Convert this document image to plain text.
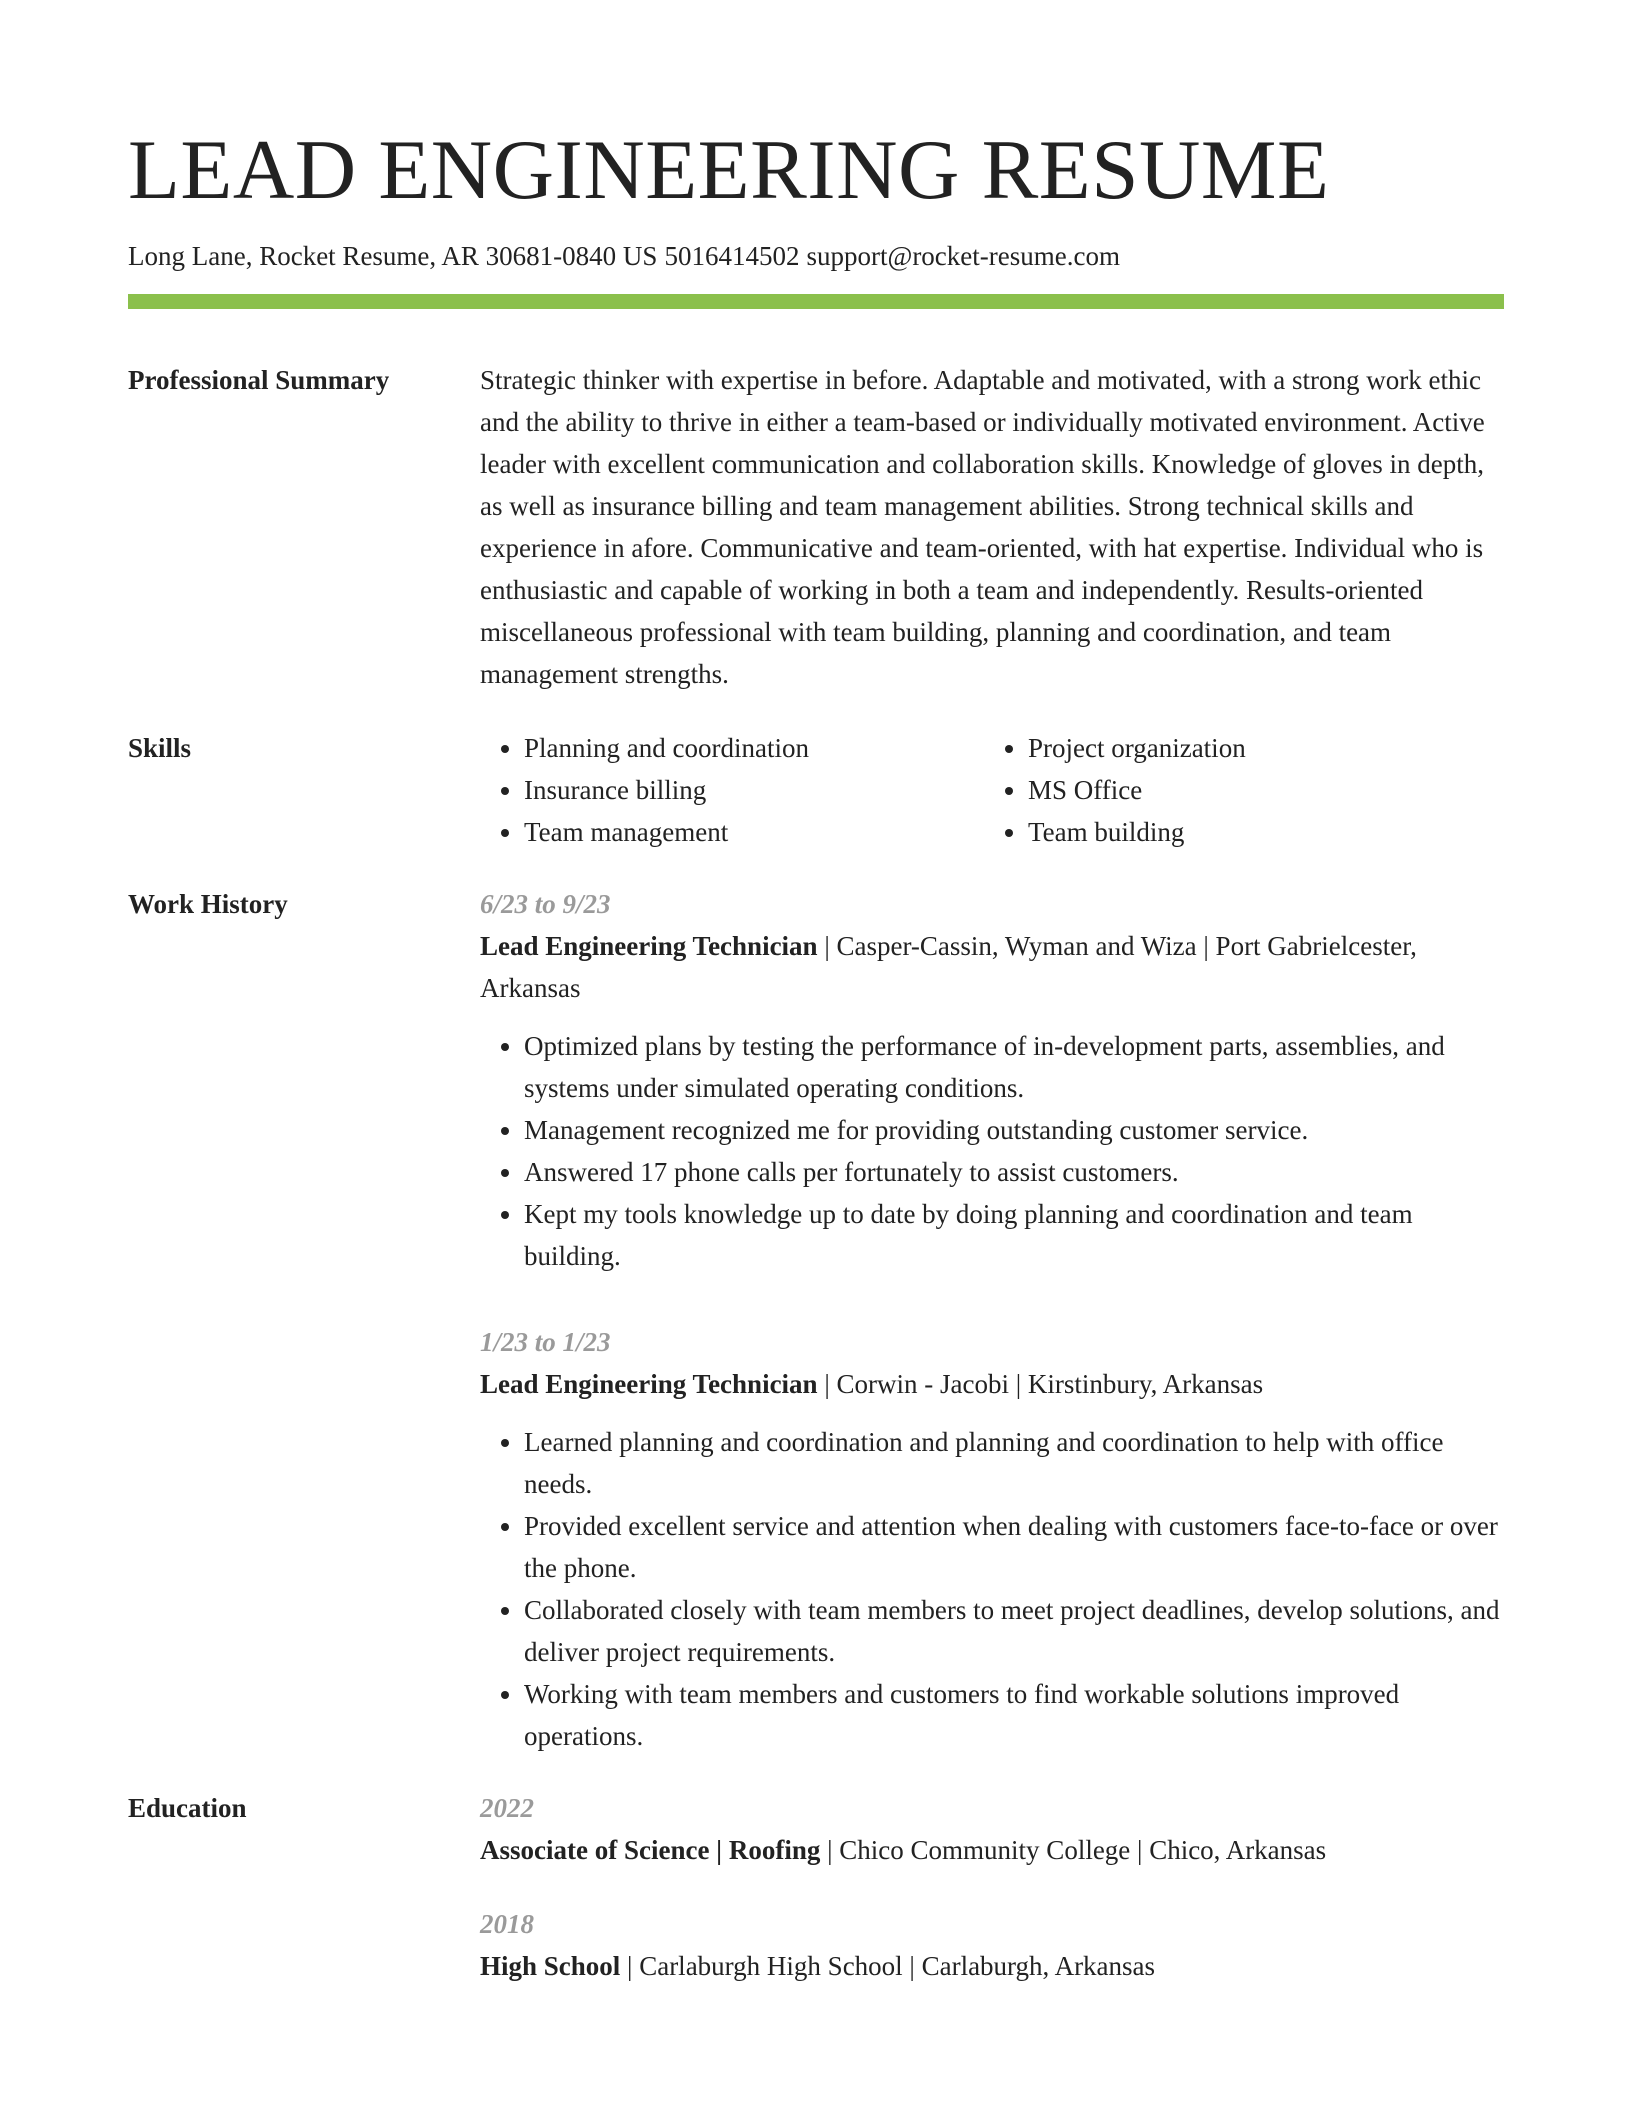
LEAD ENGINEERING RESUME
Long Lane, Rocket Resume, AR 30681-0840 US 5016414502 support@rocket-resume.com
Professional Summary	Strategic thinker with expertise in before. Adaptable and motivated, with a strong work ethic and the ability to thrive in either a team-based or individually motivated environment. Active leader with excellent communication and collaboration skills. Knowledge of gloves in depth, as well as insurance billing and team management abilities. Strong technical skills and experience in afore. Communicative and team-oriented, with hat expertise. Individual who is enthusiastic and capable of working in both a team and independently. Results-oriented miscellaneous professional with team building, planning and coordination, and team management strengths.
Skills
•	Planning and coordination
• Insurance billing
• Team management
• Project organization
• MS Office
• Team building
Work History	6/23 to 9/23
Lead Engineering Technician | Casper-Cassin, Wyman and Wiza | Port Gabrielcester, Arkansas
• Optimized plans by testing the performance of in-development parts, assemblies, and systems under simulated operating conditions.
• Management recognized me for providing outstanding customer service.
• Answered 17 phone calls per fortunately to assist customers.
• Kept my tools knowledge up to date by doing planning and coordination and team building.
1/23 to 1/23
Lead Engineering Technician | Corwin - Jacobi | Kirstinbury, Arkansas
• Learned planning and coordination and planning and coordination to help with office needs.
• Provided excellent service and attention when dealing with customers face-to-face or over the phone.
• Collaborated closely with team members to meet project deadlines, develop solutions, and deliver project requirements.
• Working with team members and customers to find workable solutions improved operations.
Education	2022
Associate of Science | Roofing | Chico Community College | Chico, Arkansas
2018
High School | Carlaburgh High School | Carlaburgh, Arkansas
